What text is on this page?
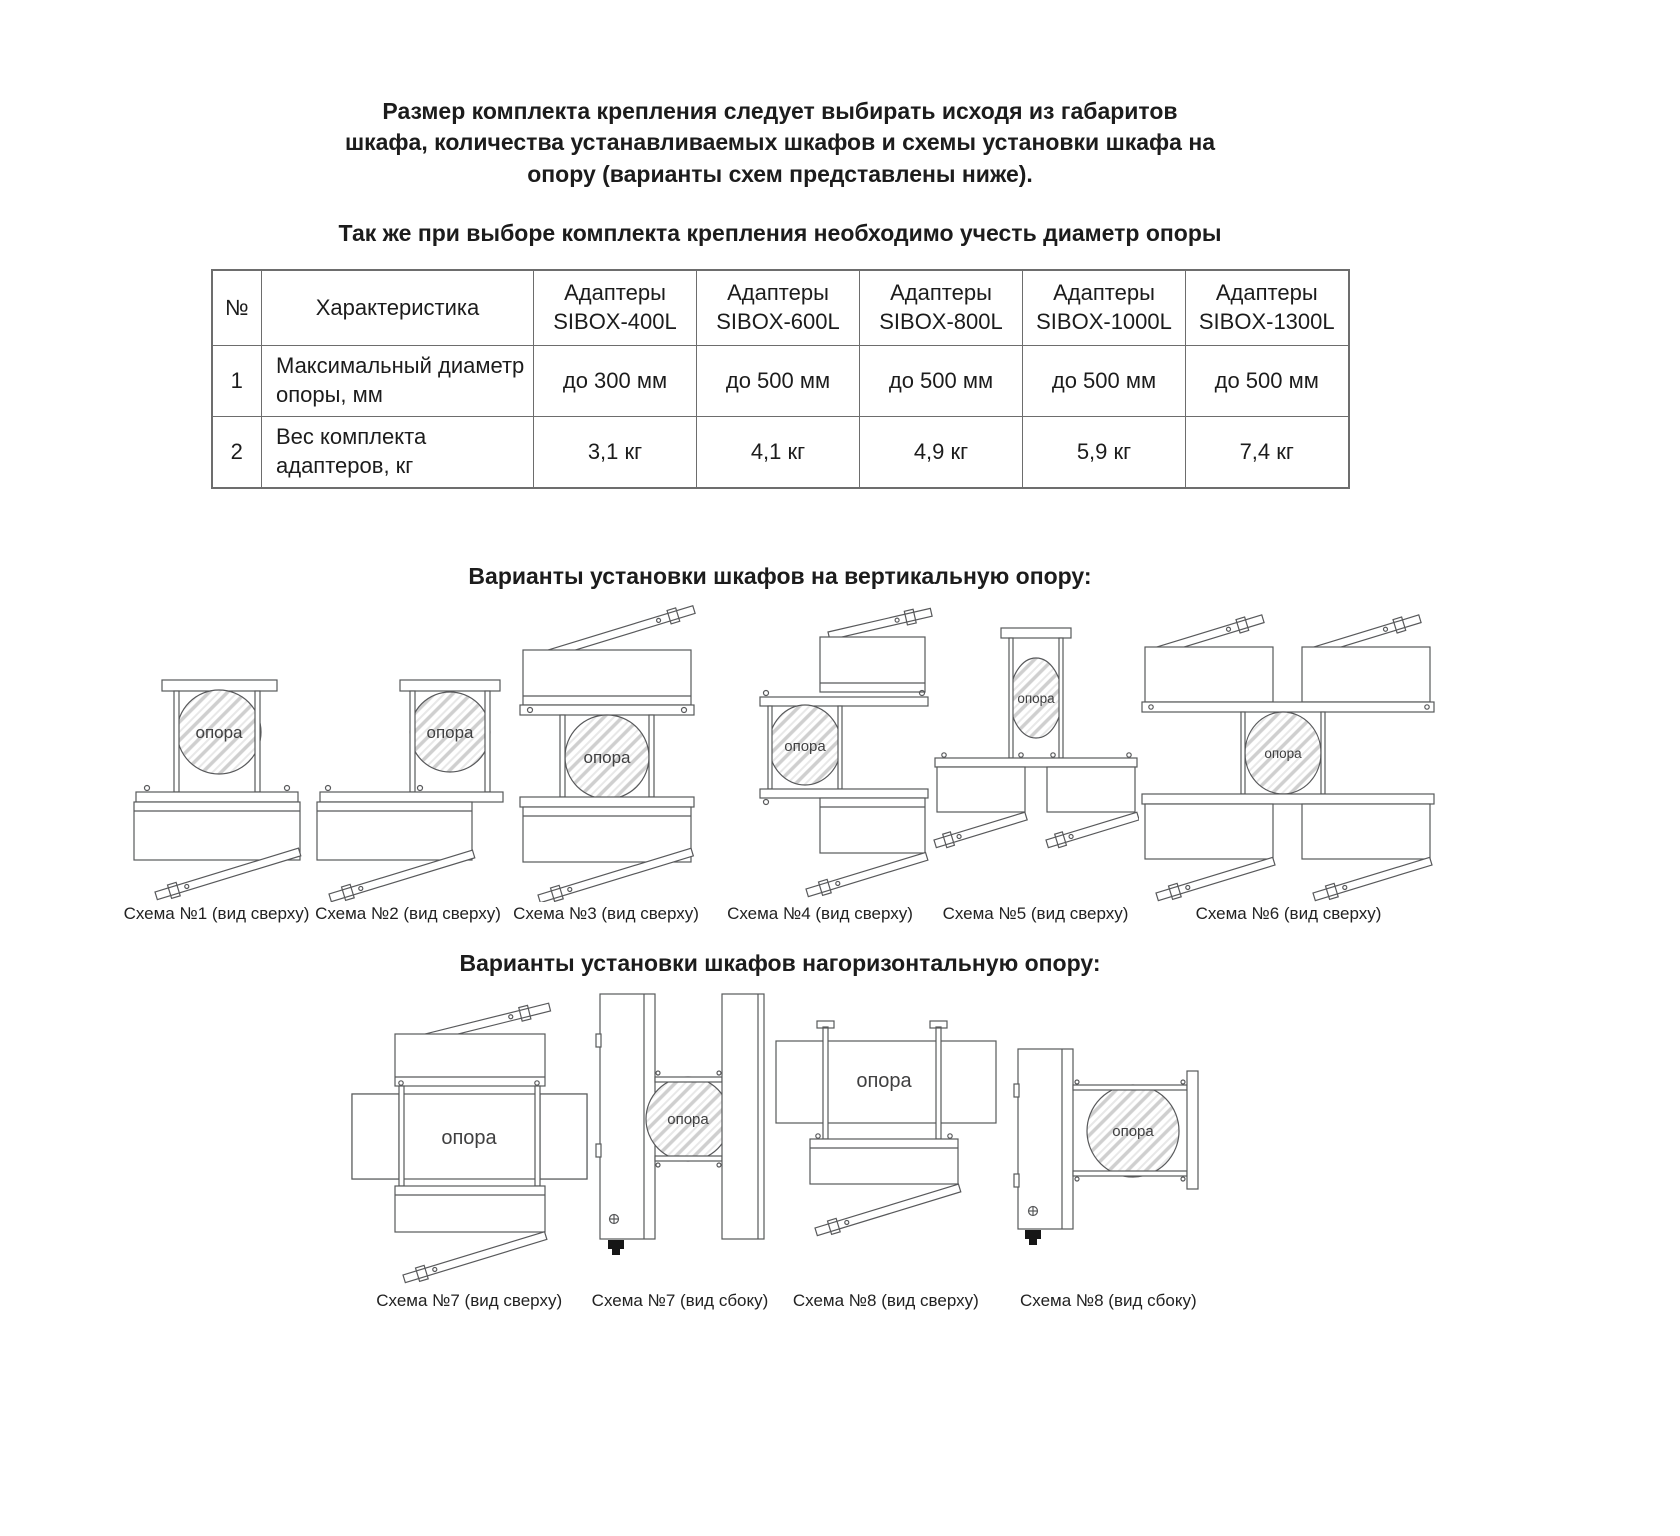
Размер комплекта крепления следует выбирать исходя из габаритов шкафа, количества устанавливаемых шкафов и схемы установки шкафа на опору (варианты схем представлены ниже).

Так же при выборе комплекта крепления необходимо учесть диаметр опоры

№	Характеристика	Адаптеры SIBOX-400L	Адаптеры SIBOX-600L	Адаптеры SIBOX-800L	Адаптеры SIBOX-1000L	Адаптеры SIBOX-1300L
1	Максимальный диаметр опоры, мм	до 300 мм	до 500 мм	до 500 мм	до 500 мм	до 500 мм
2	Вес комплекта адаптеров, кг	3,1 кг	4,1 кг	4,9 кг	5,9 кг	7,4 кг
Варианты установки шкафов на вертикальную опору:
опора
Схема №1 (вид сверху)
опора
Схема №2 (вид сверху)
опора
Схема №3 (вид сверху)
опора
Схема №4 (вид сверху)
опора
Схема №5 (вид сверху)
опора
Схема №6 (вид сверху)
Варианты установки шкафов нагоризонтальную опору:
опора
Схема №7 (вид сверху)
опора
Схема №7 (вид сбоку)
опора
Схема №8 (вид сверху)
опора
Схема №8 (вид сбоку)
